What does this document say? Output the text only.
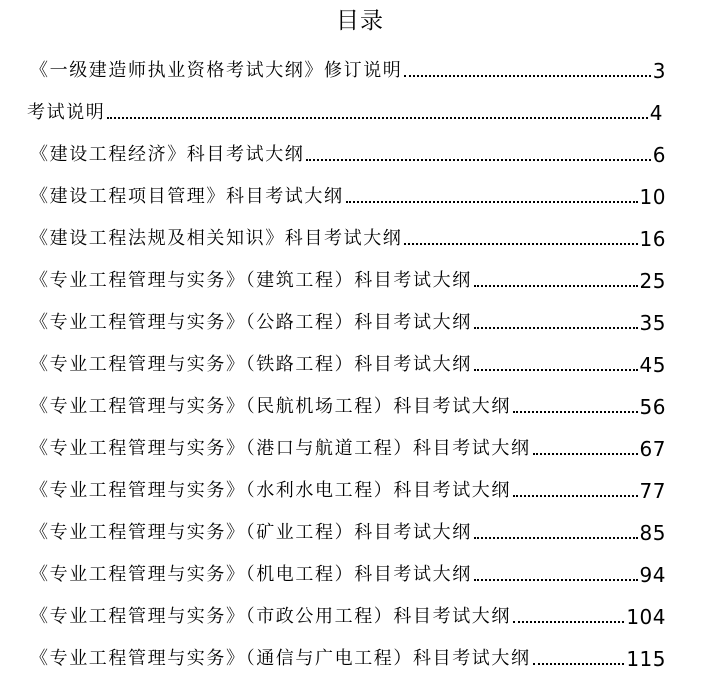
目录
《一级建造师执业资格考试大纲》修订说明	3
考试说明	4
《建设工程经济》科目考试大纲	6
《建设工程项目管理》科目考试大纲	10
《建设工程法规及相关知识》科目考试大纲	16
《专业工程管理与实务》（建筑工程）科目考试大纲	25
《专业工程管理与实务》（公路工程）科目考试大纲	35
《专业工程管理与实务》（铁路工程）科目考试大纲	45
《专业工程管理与实务》（民航机场工程）科目考试大纲	56
《专业工程管理与实务》（港口与航道工程）科目考试大纲	67
《专业工程管理与实务》（水利水电工程）科目考试大纲	77
《专业工程管理与实务》（矿业工程）科目考试大纲	85
《专业工程管理与实务》（机电工程）科目考试大纲	94
《专业工程管理与实务》（市政公用工程）科目考试大纲	104
《专业工程管理与实务》（通信与广电工程）科目考试大纲	115
